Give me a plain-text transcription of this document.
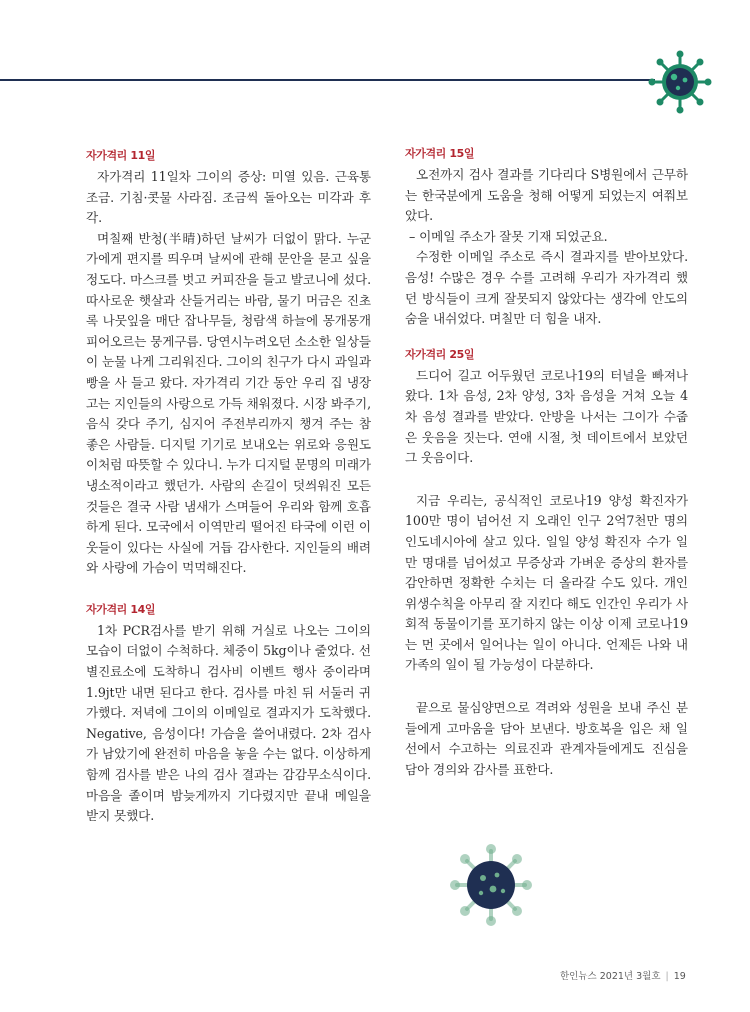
자가격리 11일

자가격리 11일차 그이의 증상: 미열 있음. 근육통 조금. 기침·콧물 사라짐. 조금씩 돌아오는 미각과 후각.

며칠째 반청(半晴)하던 날씨가 더없이 맑다. 누군가에게 편지를 띄우며 날씨에 관해 문안을 묻고 싶을 정도다. 마스크를 벗고 커피잔을 들고 발코니에 섰다. 따사로운 햇살과 산들거리는 바람, 물기 머금은 진초록 나뭇잎을 매단 잡나무들, 청람색 하늘에 몽개몽개 피어오르는 뭉게구름. 당연시누려오던 소소한 일상들이 눈물 나게 그리워진다. 그이의 친구가 다시 과일과 빵을 사 들고 왔다. 자가격리 기간 동안 우리 집 냉장고는 지인들의 사랑으로 가득 채워졌다. 시장 봐주기, 음식 갖다 주기, 심지어 주전부리까지 챙겨 주는 참 좋은 사람들. 디지털 기기로 보내오는 위로와 응원도 이처럼 따뜻할 수 있다니. 누가 디지털 문명의 미래가 냉소적이라고 했던가. 사람의 손길이 덧씌워진 모든 것들은 결국 사람 냄새가 스며들어 우리와 함께 호흡하게 된다. 모국에서 이역만리 떨어진 타국에 이런 이웃들이 있다는 사실에 거듭 감사한다. 지인들의 배려와 사랑에 가슴이 먹먹해진다.

자가격리 14일

1차 PCR검사를 받기 위해 거실로 나오는 그이의 모습이 더없이 수척하다. 체중이 5kg이나 줄었다. 선별진료소에 도착하니 검사비 이벤트 행사 중이라며 1.9jt만 내면 된다고 한다. 검사를 마친 뒤 서둘러 귀가했다. 저녁에 그이의 이메일로 결과지가 도착했다. Negative, 음성이다! 가슴을 쓸어내렸다. 2차 검사가 남았기에 완전히 마음을 놓을 수는 없다. 이상하게 함께 검사를 받은 나의 검사 결과는 감감무소식이다. 마음을 졸이며 밤늦게까지 기다렸지만 끝내 메일을 받지 못했다.

자가격리 15일

오전까지 검사 결과를 기다리다 S병원에서 근무하는 한국분에게 도움을 청해 어떻게 되었는지 여쭤보았다.

– 이메일 주소가 잘못 기재 되었군요.

수정한 이메일 주소로 즉시 결과지를 받아보았다. 음성! 수많은 경우 수를 고려해 우리가 자가격리 했던 방식들이 크게 잘못되지 않았다는 생각에 안도의 숨을 내쉬었다. 며칠만 더 힘을 내자.

자가격리 25일

드디어 길고 어두웠던 코로나19의 터널을 빠져나왔다. 1차 음성, 2차 양성, 3차 음성을 거쳐 오늘 4차 음성 결과를 받았다. 안방을 나서는 그이가 수줍은 웃음을 짓는다. 연애 시절, 첫 데이트에서 보았던 그 웃음이다.

지금 우리는, 공식적인 코로나19 양성 확진자가 100만 명이 넘어선 지 오래인 인구 2억7천만 명의 인도네시아에 살고 있다. 일일 양성 확진자 수가 일만 명대를 넘어섰고 무증상과 가벼운 증상의 환자를 감안하면 정확한 수치는 더 올라갈 수도 있다. 개인 위생수칙을 아무리 잘 지킨다 해도 인간인 우리가 사회적 동물이기를 포기하지 않는 이상 이제 코로나19는 먼 곳에서 일어나는 일이 아니다. 언제든 나와 내 가족의 일이 될 가능성이 다분하다.

끝으로 물심양면으로 격려와 성원을 보내 주신 분들에게 고마움을 담아 보낸다. 방호복을 입은 채 일선에서 수고하는 의료진과 관계자들에게도 진심을 담아 경의와 감사를 표한다.

한인뉴스 2021년 3월호 | 19
